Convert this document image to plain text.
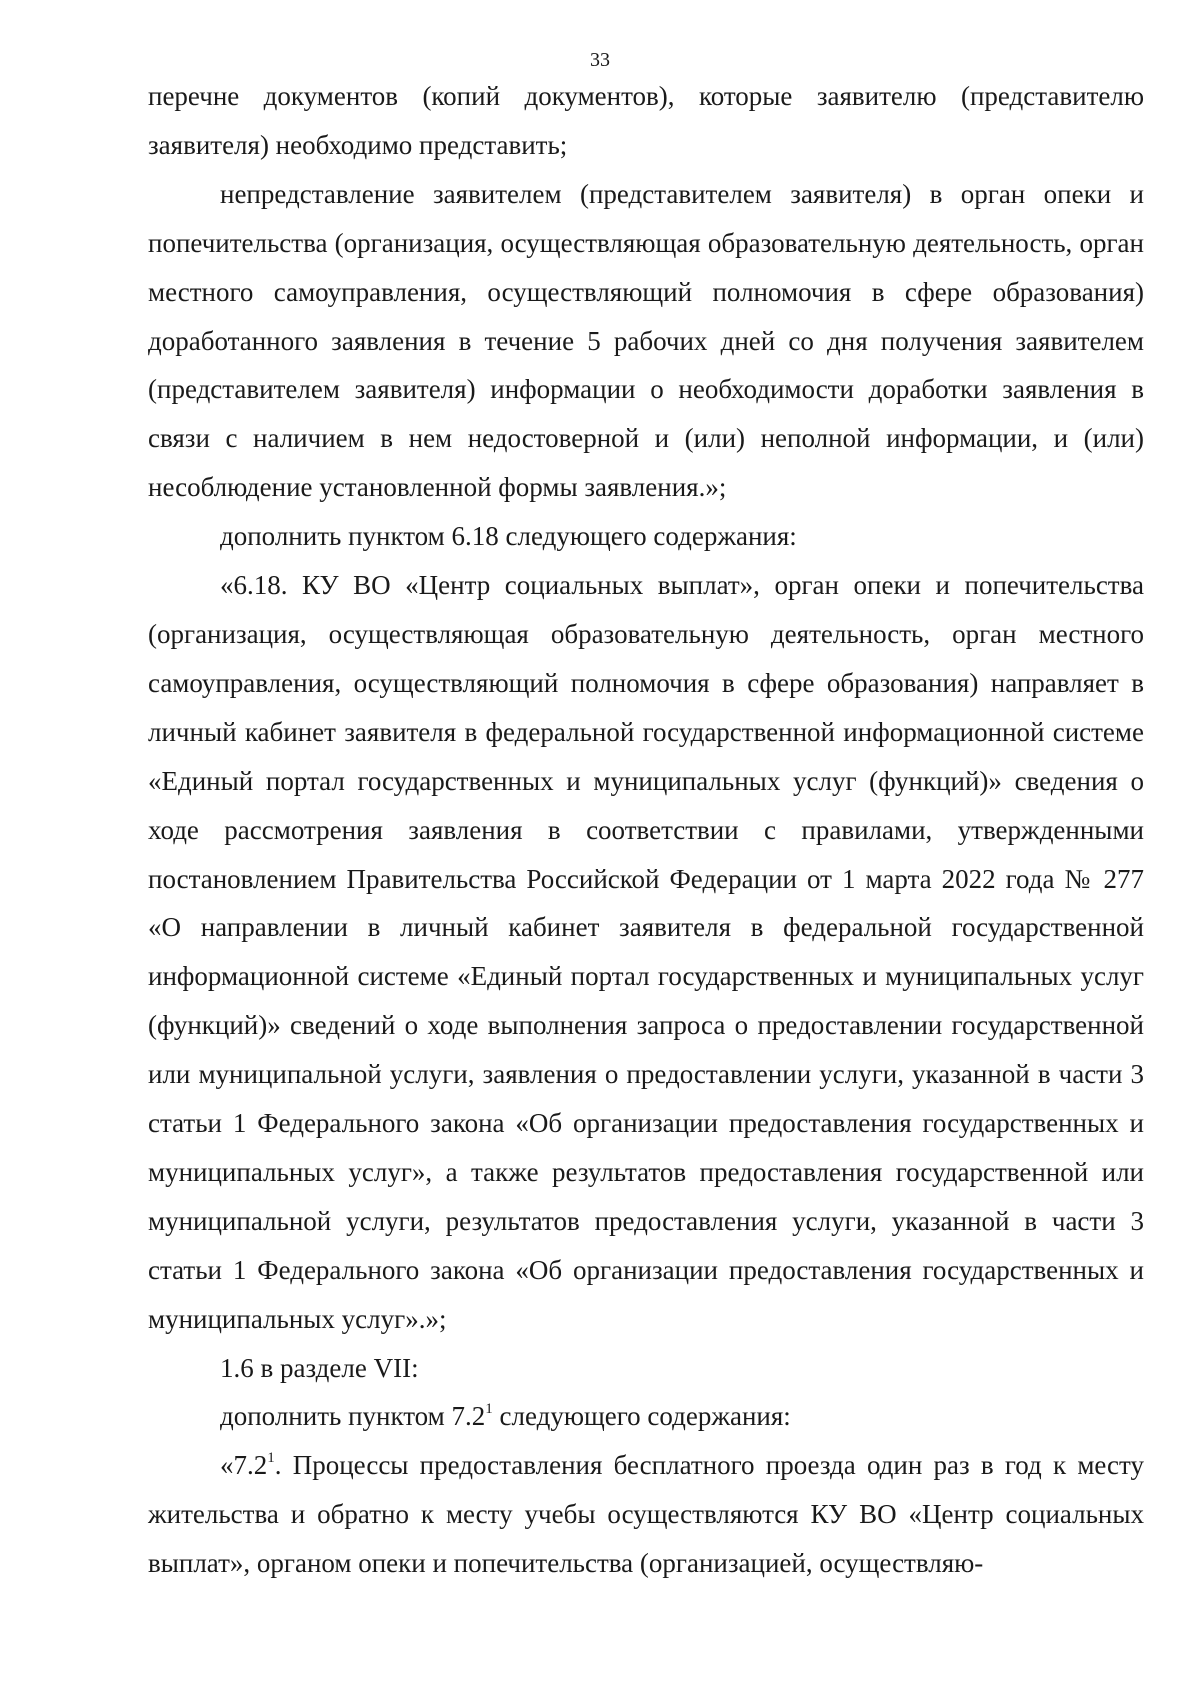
33

перечне документов (копий документов), которые заявителю (представителю заявителя) необходимо представить;

непредставление заявителем (представителем заявителя) в орган опеки и попечительства (организация, осуществляющая образовательную деятельность, орган местного самоуправления, осуществляющий полномочия в сфере образования) доработанного заявления в течение 5 рабочих дней со дня получения заявителем (представителем заявителя) информации о необходимости доработки заявления в связи с наличием в нем недостоверной и (или) неполной информации, и (или) несоблюдение установленной формы заявления.»;

дополнить пунктом 6.18 следующего содержания:

«6.18. КУ ВО «Центр социальных выплат», орган опеки и попечительства (организация, осуществляющая образовательную деятельность, орган местного самоуправления, осуществляющий полномочия в сфере образования) направляет в личный кабинет заявителя в федеральной государственной информационной системе «Единый портал государственных и муниципальных услуг (функций)» сведения о ходе рассмотрения заявления в соответствии с правилами, утвержденными постановлением Правительства Российской Федерации от 1 марта 2022 года № 277 «О направлении в личный кабинет заявителя в федеральной государственной информационной системе «Единый портал государственных и муниципальных услуг (функций)» сведений о ходе выполнения запроса о предоставлении государственной или муниципальной услуги, заявления о предоставлении услуги, указанной в части 3 статьи 1 Федерального закона «Об организации предоставления государственных и муниципальных услуг», а также результатов предоставления государственной или муниципальной услуги, результатов предоставления услуги, указанной в части 3 статьи 1 Федерального закона «Об организации предоставления государственных и муниципальных услуг».»;

1.6 в разделе VII:

дополнить пунктом $7.2^1$ следующего содержания:

«$7.2^1$. Процессы предоставления бесплатного проезда один раз в год к месту жительства и обратно к месту учебы осуществляются КУ ВО «Центр социальных выплат», органом опеки и попечительства (организацией, осуществляю-
